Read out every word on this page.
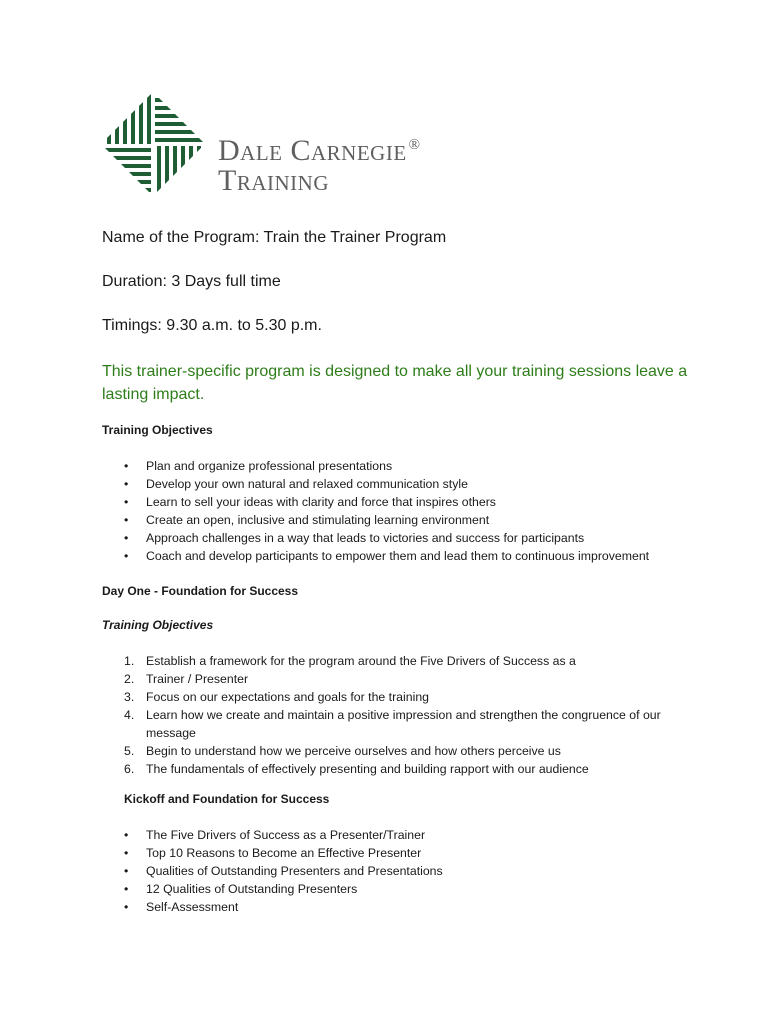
Dale Carnegie ®
Training
Name of the Program: Train the Trainer Program
Duration: 3 Days full time
Timings: 9.30 a.m. to 5.30 p.m.
This trainer-specific program is designed to make all your training sessions leave a lasting impact.
Training Objectives
• Plan and organize professional presentations
• Develop your own natural and relaxed communication style
• Learn to sell your ideas with clarity and force that inspires others
• Create an open, inclusive and stimulating learning environment
• Approach challenges in a way that leads to victories and success for participants
• Coach and develop participants to empower them and lead them to continuous improvement
Day One - Foundation for Success
Training Objectives
1. Establish a framework for the program around the Five Drivers of Success as a
2. Trainer / Presenter
3. Focus on our expectations and goals for the training
4. Learn how we create and maintain a positive impression and strengthen the congruence of our message
5. Begin to understand how we perceive ourselves and how others perceive us
6. The fundamentals of effectively presenting and building rapport with our audience
Kickoff and Foundation for Success
• The Five Drivers of Success as a Presenter/Trainer
• Top 10 Reasons to Become an Effective Presenter
• Qualities of Outstanding Presenters and Presentations
• 12 Qualities of Outstanding Presenters
• Self-Assessment
